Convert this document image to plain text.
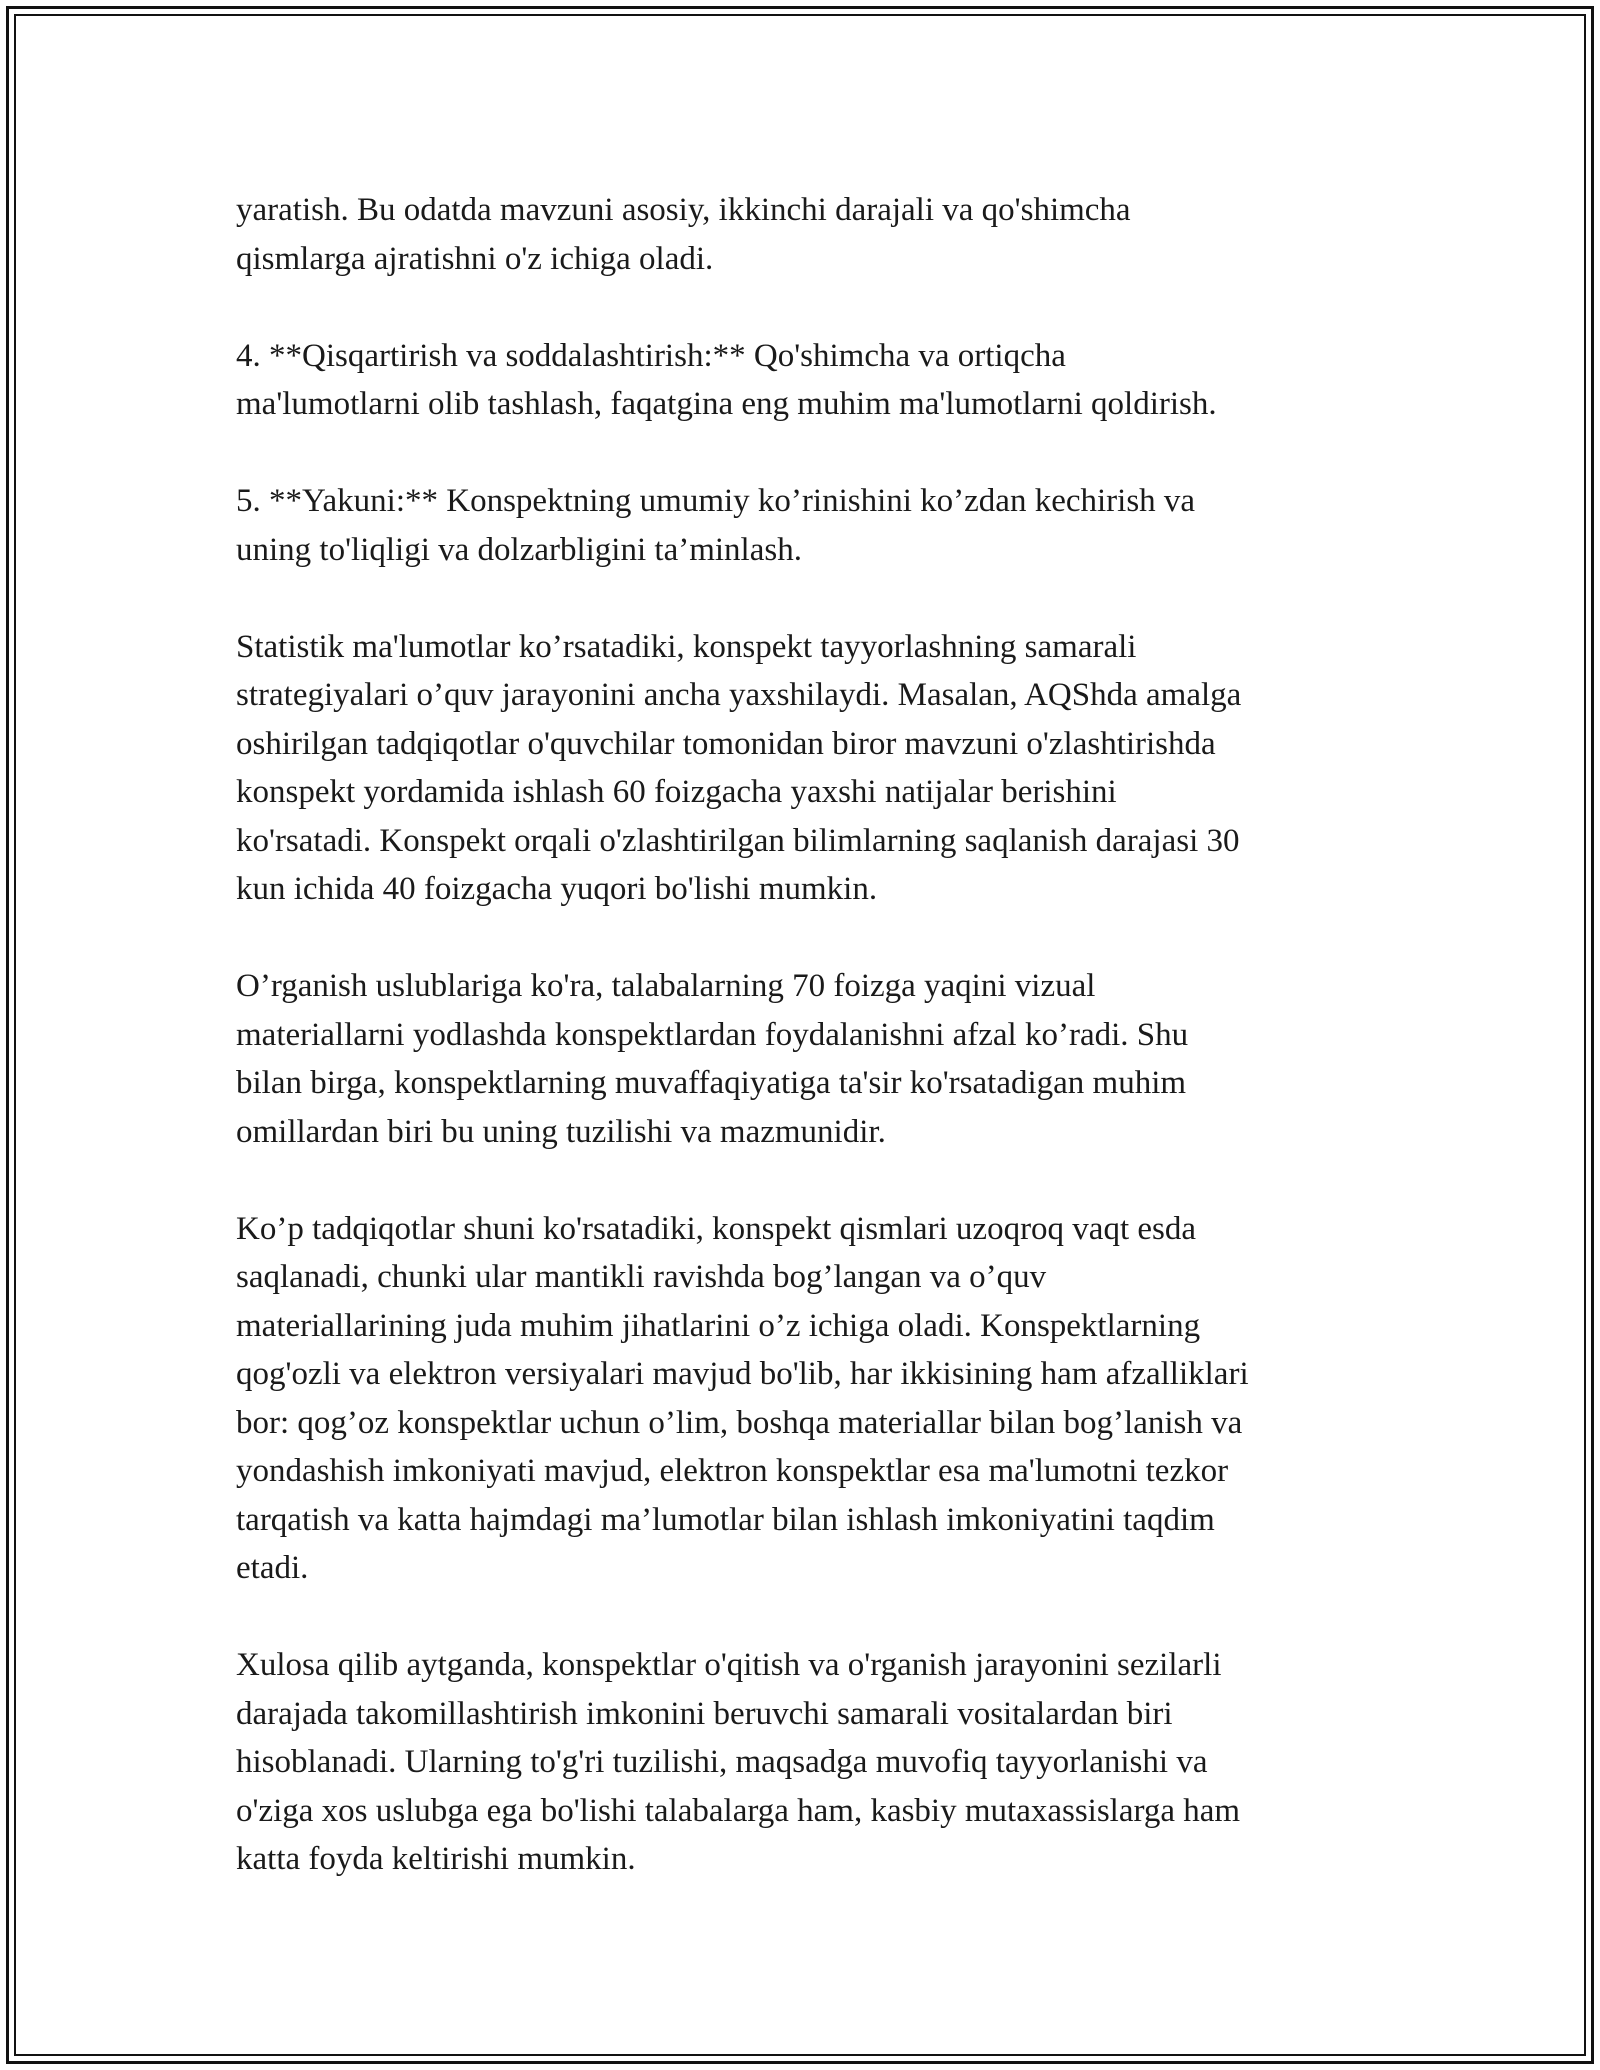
yaratish. Bu odatda mavzuni asosiy, ikkinchi darajali va qo'shimcha
qismlarga ajratishni o'z ichiga oladi.

4. **Qisqartirish va soddalashtirish:** Qo'shimcha va ortiqcha
ma'lumotlarni olib tashlash, faqatgina eng muhim ma'lumotlarni qoldirish.

5. **Yakuni:** Konspektning umumiy ko’rinishini ko’zdan kechirish va
uning to'liqligi va dolzarbligini ta’minlash.

Statistik ma'lumotlar ko’rsatadiki, konspekt tayyorlashning samarali
strategiyalari o’quv jarayonini ancha yaxshilaydi. Masalan, AQShda amalga
oshirilgan tadqiqotlar o'quvchilar tomonidan biror mavzuni o'zlashtirishda
konspekt yordamida ishlash 60 foizgacha yaxshi natijalar berishini
ko'rsatadi. Konspekt orqali o'zlashtirilgan bilimlarning saqlanish darajasi 30
kun ichida 40 foizgacha yuqori bo'lishi mumkin.

O’rganish uslublariga ko'ra, talabalarning 70 foizga yaqini vizual
materiallarni yodlashda konspektlardan foydalanishni afzal ko’radi. Shu
bilan birga, konspektlarning muvaffaqiyatiga ta'sir ko'rsatadigan muhim
omillardan biri bu uning tuzilishi va mazmunidir.

Ko’p tadqiqotlar shuni ko'rsatadiki, konspekt qismlari uzoqroq vaqt esda
saqlanadi, chunki ular mantikli ravishda bog’langan va o’quv
materiallarining juda muhim jihatlarini o’z ichiga oladi. Konspektlarning
qog'ozli va elektron versiyalari mavjud bo'lib, har ikkisining ham afzalliklari
bor: qog’oz konspektlar uchun o’lim, boshqa materiallar bilan bog’lanish va
yondashish imkoniyati mavjud, elektron konspektlar esa ma'lumotni tezkor
tarqatish va katta hajmdagi ma’lumotlar bilan ishlash imkoniyatini taqdim
etadi.

Xulosa qilib aytganda, konspektlar o'qitish va o'rganish jarayonini sezilarli
darajada takomillashtirish imkonini beruvchi samarali vositalardan biri
hisoblanadi. Ularning to'g'ri tuzilishi, maqsadga muvofiq tayyorlanishi va
o'ziga xos uslubga ega bo'lishi talabalarga ham, kasbiy mutaxassislarga ham
katta foyda keltirishi mumkin.
